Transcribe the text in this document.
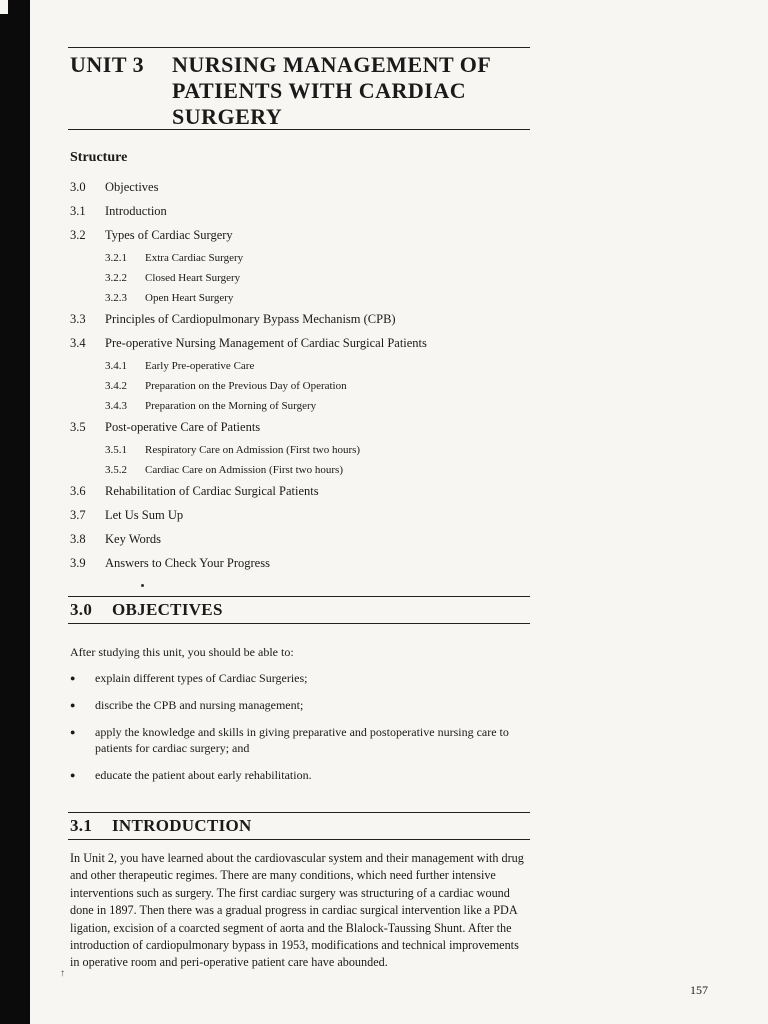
UNIT 3 NURSING MANAGEMENT OF PATIENTS WITH CARDIAC SURGERY
Structure
3.0 Objectives
3.1 Introduction
3.2 Types of Cardiac Surgery
3.2.1 Extra Cardiac Surgery
3.2.2 Closed Heart Surgery
3.2.3 Open Heart Surgery
3.3 Principles of Cardiopulmonary Bypass Mechanism (CPB)
3.4 Pre-operative Nursing Management of Cardiac Surgical Patients
3.4.1 Early Pre-operative Care
3.4.2 Preparation on the Previous Day of Operation
3.4.3 Preparation on the Morning of Surgery
3.5 Post-operative Care of Patients
3.5.1 Respiratory Care on Admission (First two hours)
3.5.2 Cardiac Care on Admission (First two hours)
3.6 Rehabilitation of Cardiac Surgical Patients
3.7 Let Us Sum Up
3.8 Key Words
3.9 Answers to Check Your Progress
3.0 OBJECTIVES
After studying this unit, you should be able to:
● explain different types of Cardiac Surgeries;
● discribe the CPB and nursing management;
● apply the knowledge and skills in giving preparative and postoperative nursing care to patients for cardiac surgery; and
● educate the patient about early rehabilitation.
3.1 INTRODUCTION
In Unit 2, you have learned about the cardiovascular system and their management with drug and other therapeutic regimes. There are many conditions, which need further intensive interventions such as surgery. The first cardiac surgery was structuring of a cardiac wound done in 1897. Then there was a gradual progress in cardiac surgical intervention like a PDA ligation, excision of a coarcted segment of aorta and the Blalock-Taussing Shunt. After the introduction of cardiopulmonary bypass in 1953, modifications and technical improvements in operative room and peri-operative patient care have abounded.
↑
157
